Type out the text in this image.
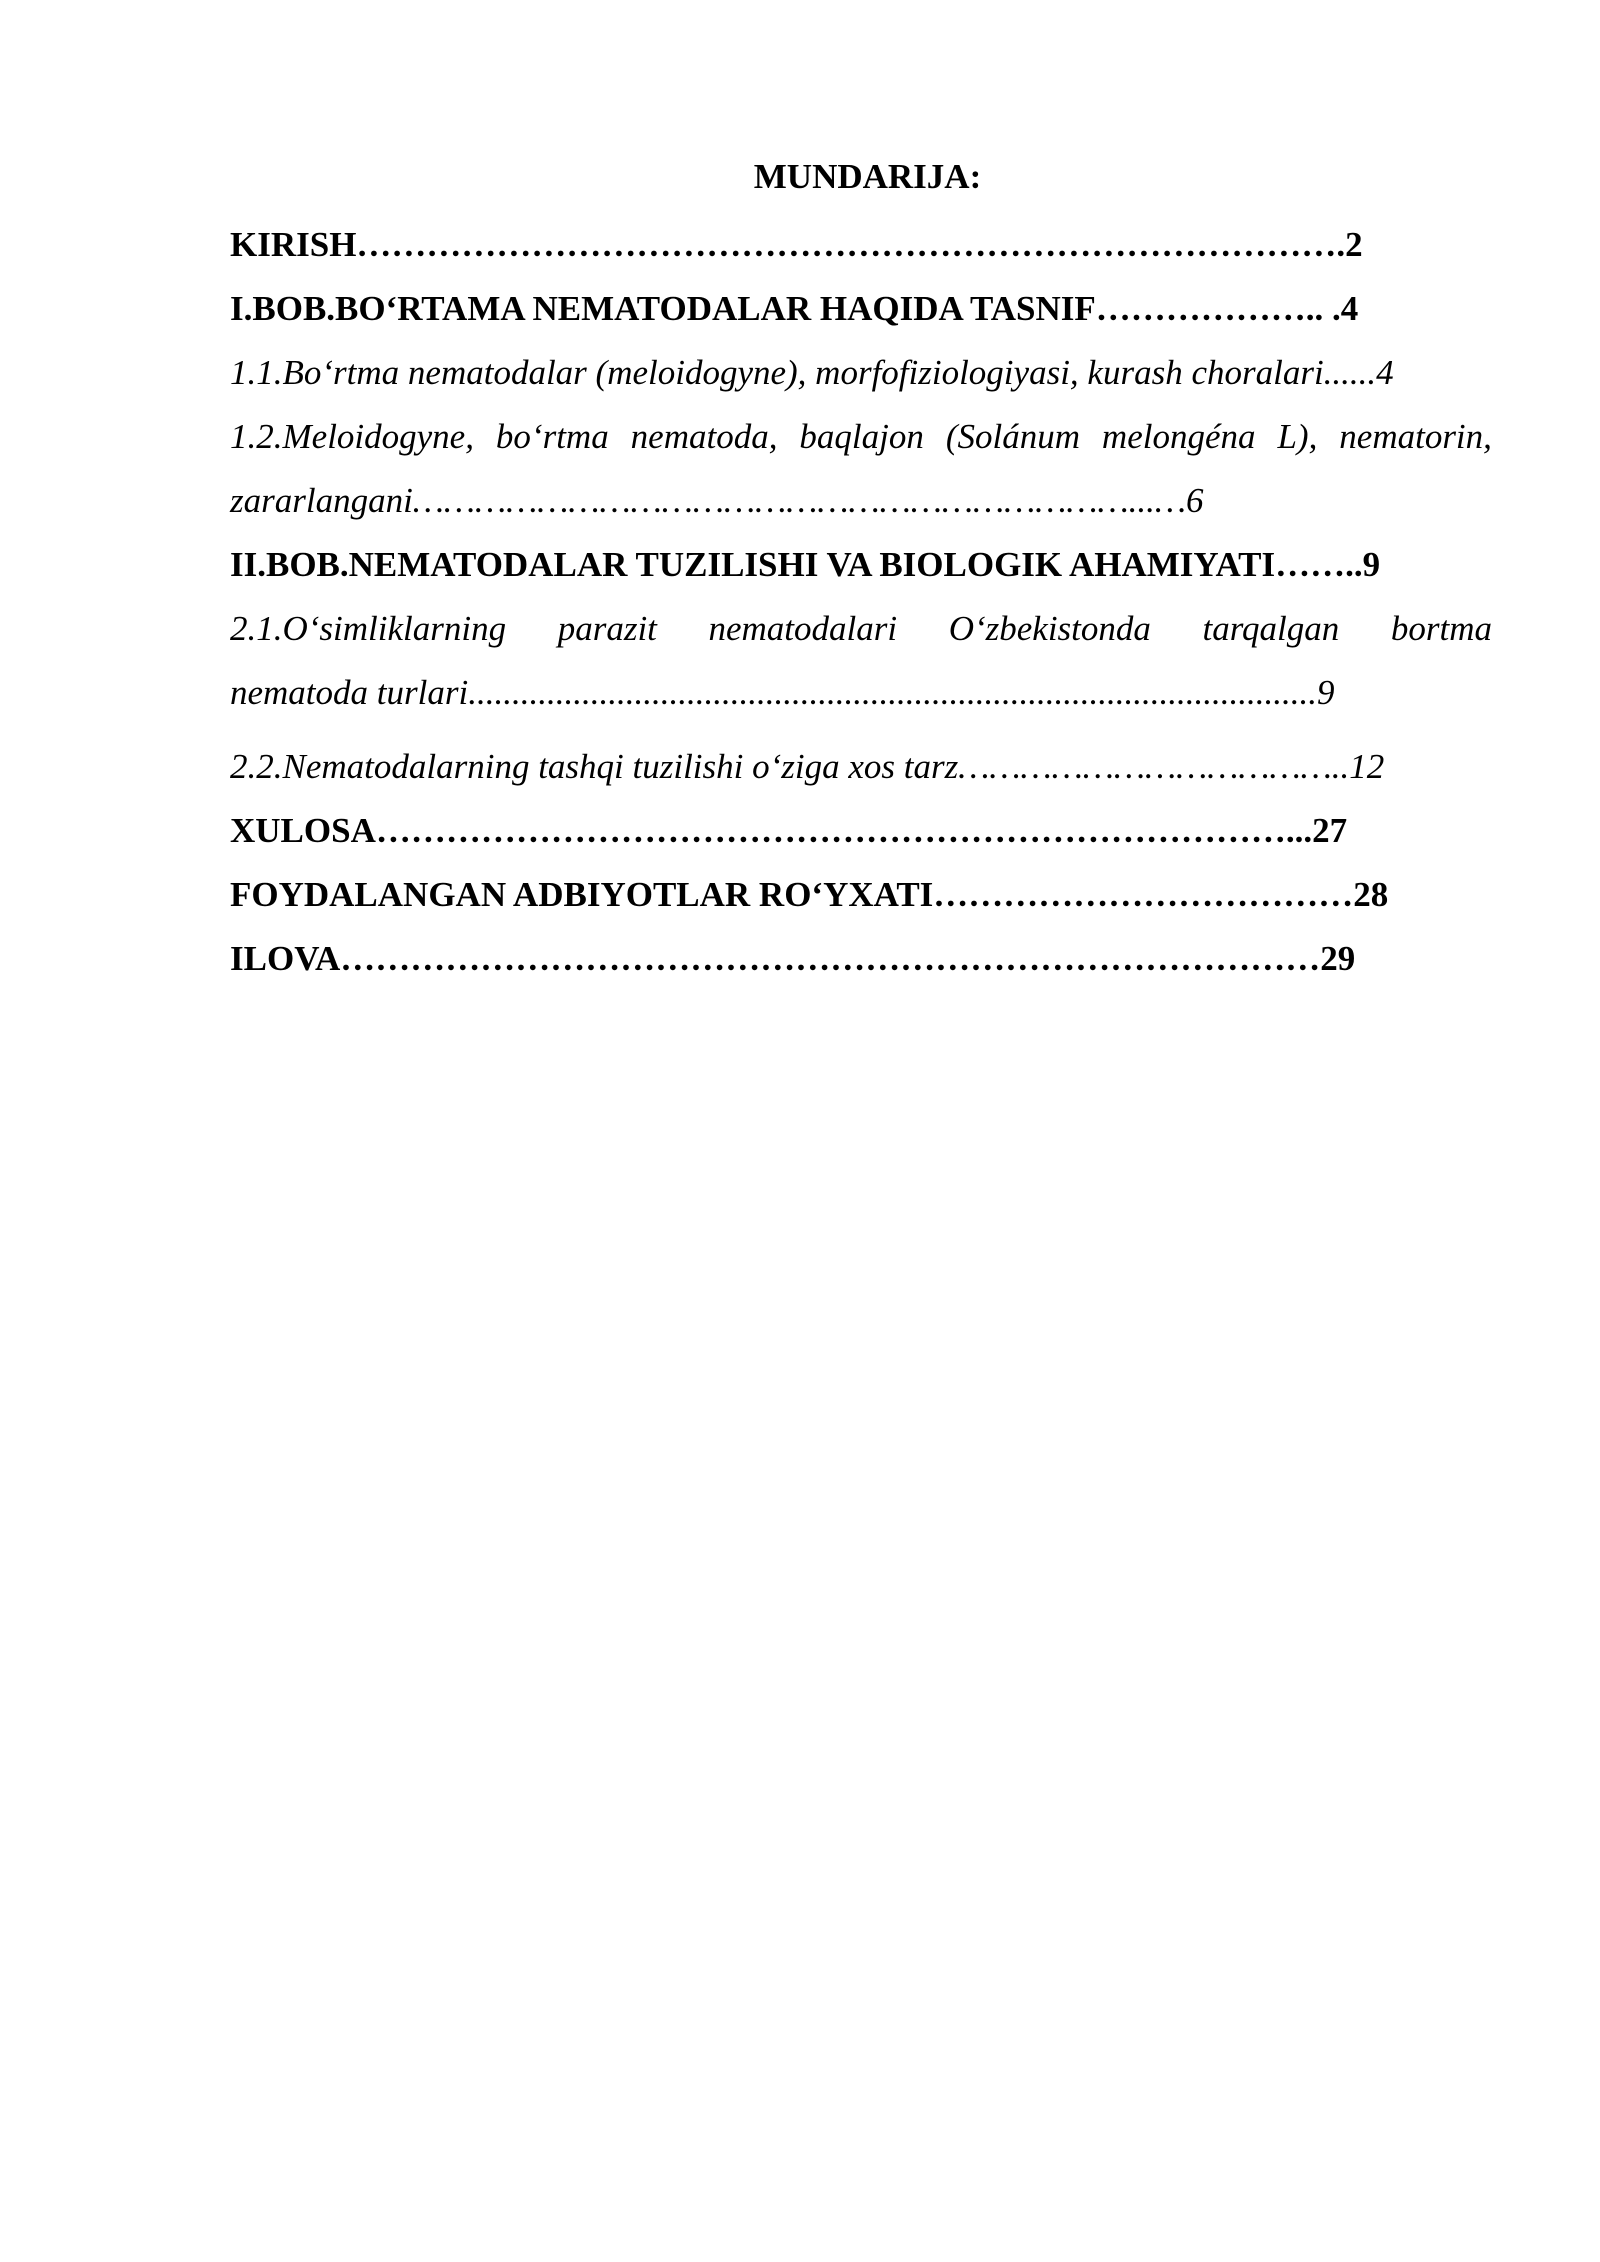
MUNDARIJA:
KIRISH………………………………………………………………………….2
I.BOB.BO‘RTAMA NEMATODALAR HAQIDA TASNIF……………….. .4
1.1.Bo‘rtma nematodalar (meloidogyne), morfofiziologiyasi, kurash choralari......4
1.2.Meloidogyne, bo‘rtma nematoda, baqlajon (Solánum melongéna L), nematorin,
zararlangani……………………………………………………………...…6
II.BOB.NEMATODALAR TUZILISHI VA BIOLOGIK AHAMIYATI……..9
2.1.O‘simliklarning parazit nematodalari O‘zbekistonda tarqalgan bortma
nematoda turlari.................................................................................................9
2.2.Nematodalarning tashqi tuzilishi o‘ziga xos tarz………………………………..12
XULOSA……………………………………………………………………...27
FOYDALANGAN ADBIYOTLAR RO‘YXATI………………………………28
ILOVA…………………………………………………………………………29
